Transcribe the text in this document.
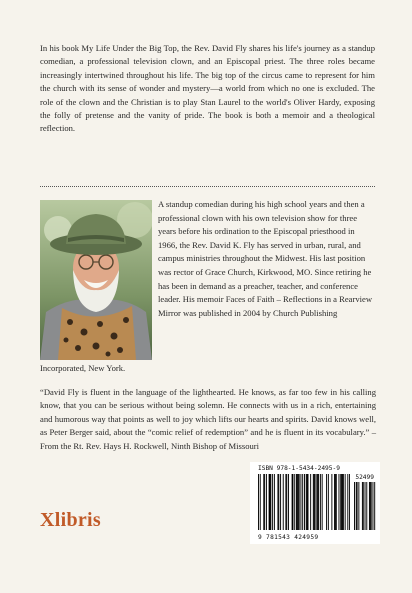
In his book My Life Under the Big Top, the Rev. David Fly shares his life's journey as a standup comedian, a professional television clown, and an Episcopal priest. The three roles became increasingly intertwined throughout his life. The big top of the circus came to represent for him the church with its sense of wonder and mystery—a world from which no one is excluded. The role of the clown and the Christian is to play Stan Laurel to the world's Oliver Hardy, exposing the folly of pretense and the vanity of pride. The book is both a memoir and a theological reflection.
A standup comedian during his high school years and then a professional clown with his own television show for three years before his ordination to the Episcopal priesthood in 1966, the Rev. David K. Fly has served in urban, rural, and campus ministries throughout the Midwest. His last position was rector of Grace Church, Kirkwood, MO. Since retiring he has been in demand as a preacher, teacher, and conference leader. His memoir Faces of Faith – Reflections in a Rearview Mirror was published in 2004 by Church Publishing
Incorporated, New York.
“David Fly is fluent in the language of the lighthearted. He knows, as far too few in his calling know, that you can be serious without being solemn. He connects with us in a rich, entertaining and humorous way that points as well to joy which lifts our hearts and spirits. David knows well, as Peter Berger said, about the “comic relief of redemption” and he is fluent in its vocabulary.” – From the Rt. Rev. Hays H. Rockwell, Ninth Bishop of Missouri
Xlibris
ISBN 978-1-5434-2495-9
52499
9 781543 424959
